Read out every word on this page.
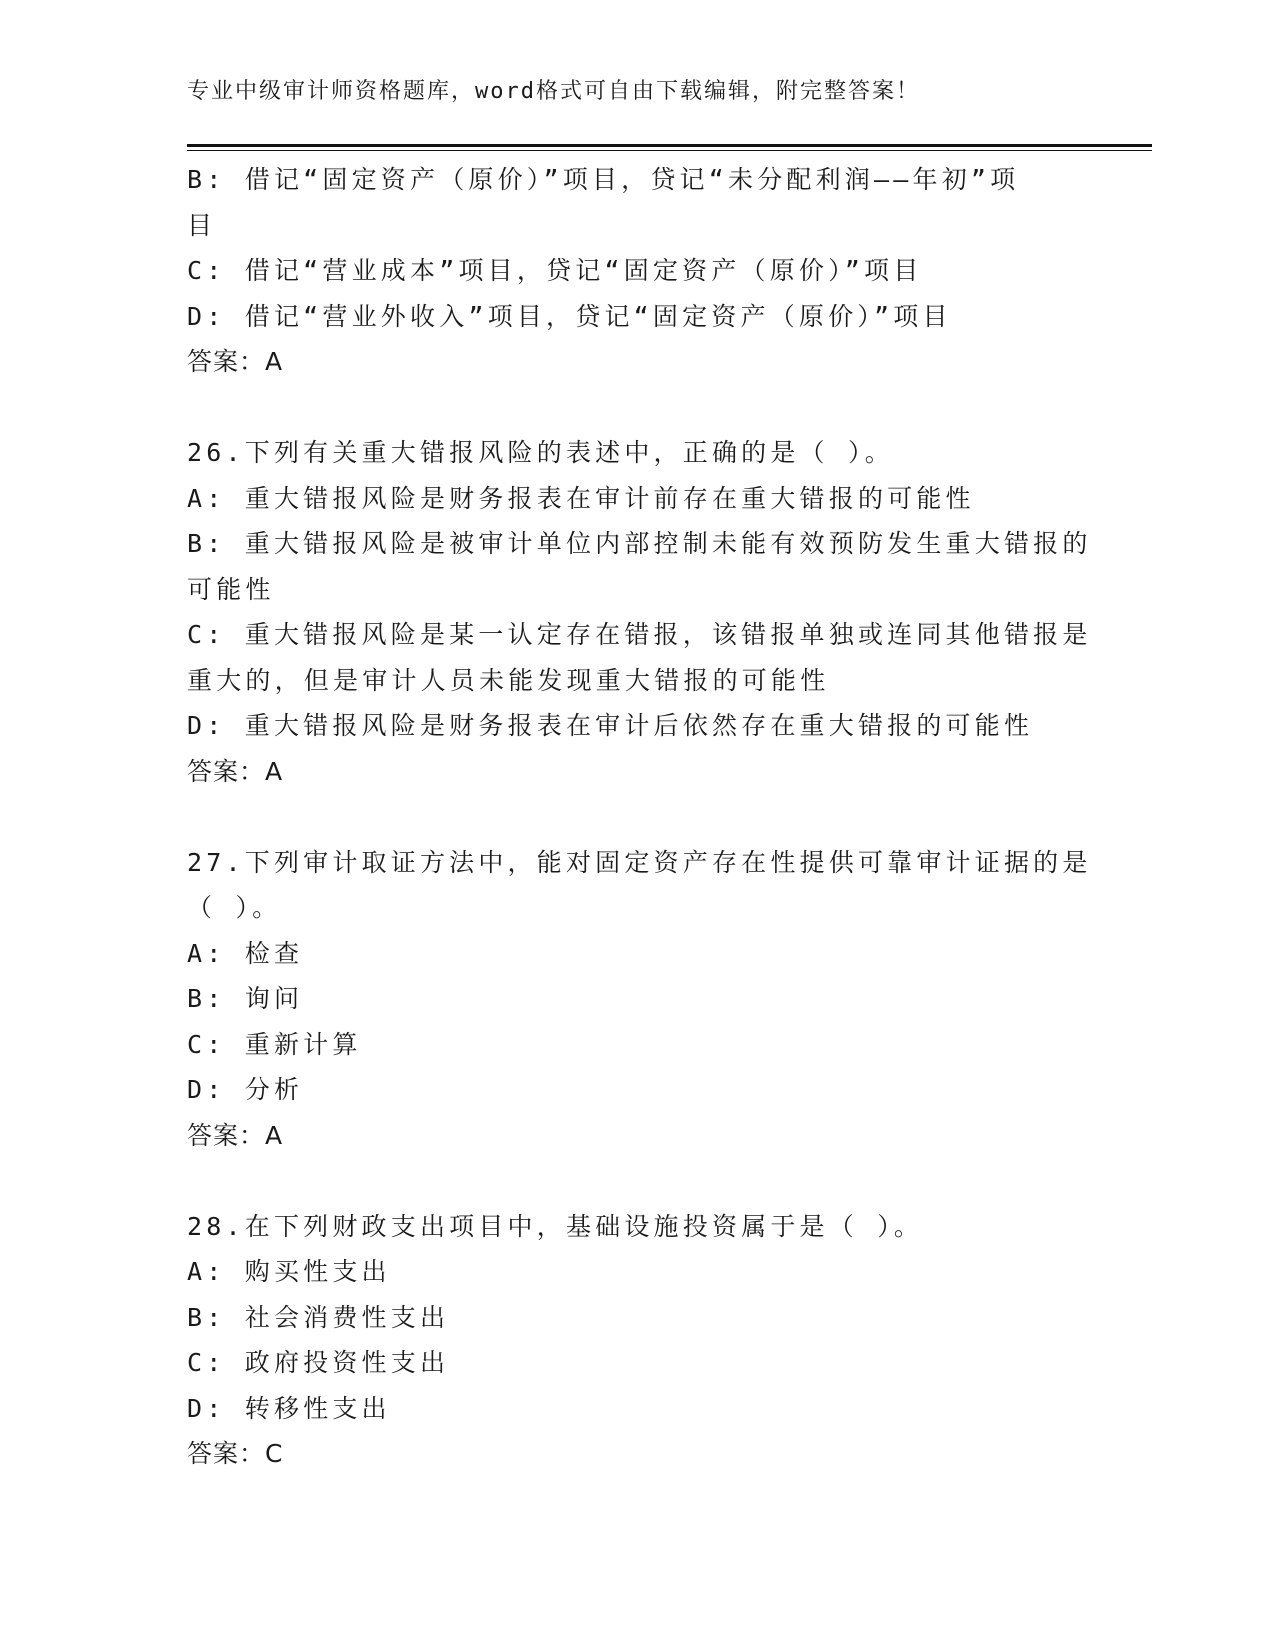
专业中级审计师资格题库，word格式可自由下载编辑，附完整答案！
B: 借记“固定资产（原价）”项目，贷记“未分配利润——年初”项
目
C: 借记“营业成本”项目，贷记“固定资产（原价）”项目
D: 借记“营业外收入”项目，贷记“固定资产（原价）”项目
答案：A
26.下列有关重大错报风险的表述中，正确的是（ ）。
A: 重大错报风险是财务报表在审计前存在重大错报的可能性
B: 重大错报风险是被审计单位内部控制未能有效预防发生重大错报的
可能性
C: 重大错报风险是某一认定存在错报，该错报单独或连同其他错报是
重大的，但是审计人员未能发现重大错报的可能性
D: 重大错报风险是财务报表在审计后依然存在重大错报的可能性
答案：A
27.下列审计取证方法中，能对固定资产存在性提供可靠审计证据的是
（ ）。
A: 检查
B: 询问
C: 重新计算
D: 分析
答案：A
28.在下列财政支出项目中，基础设施投资属于是（ ）。
A: 购买性支出
B: 社会消费性支出
C: 政府投资性支出
D: 转移性支出
答案：C
